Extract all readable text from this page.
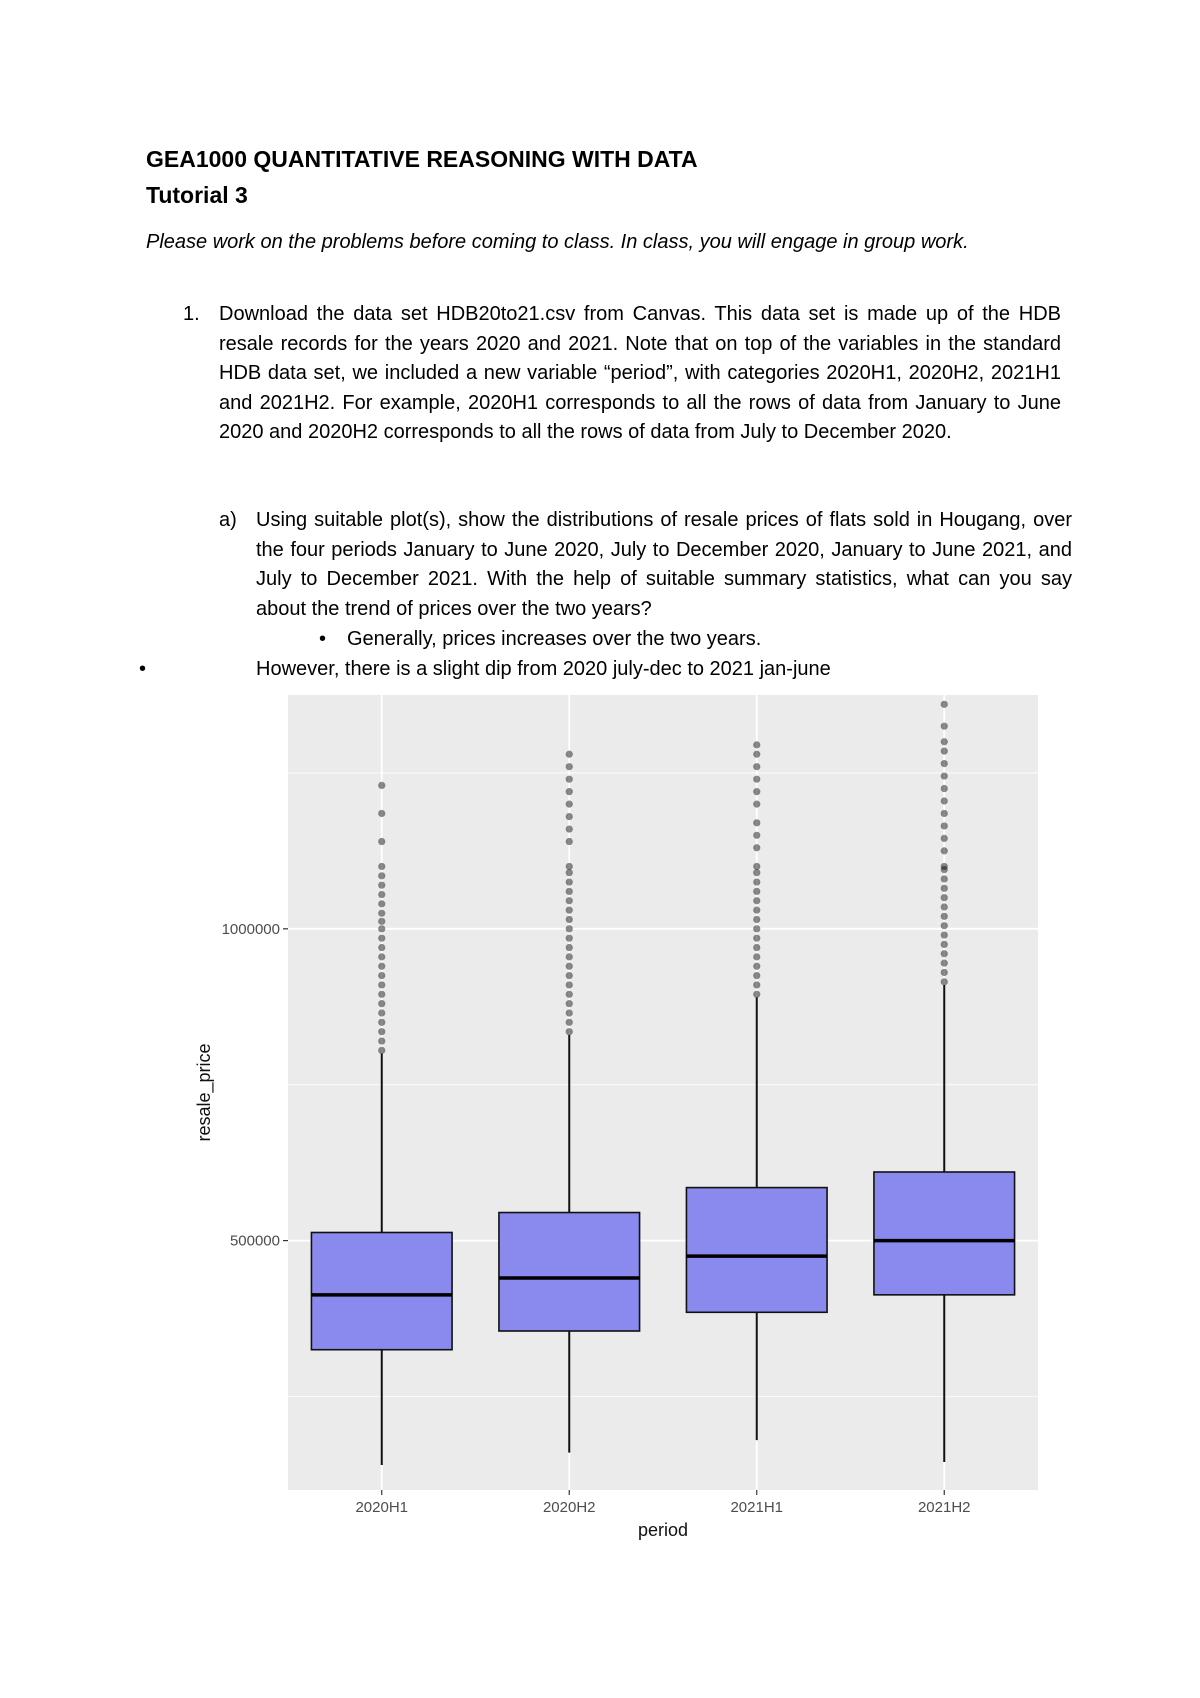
GEA1000 QUANTITATIVE REASONING WITH DATA
Tutorial 3

Please work on the problems before coming to class. In class, you will engage in group work.

1. Download the data set HDB20to21.csv from Canvas. This data set is made up of the HDB resale records for the years 2020 and 2021. Note that on top of the variables in the standard HDB data set, we included a new variable “period”, with categories 2020H1, 2020H2, 2021H1 and 2021H2. For example, 2020H1 corresponds to all the rows of data from January to June 2020 and 2020H2 corresponds to all the rows of data from July to December 2020.

a) Using suitable plot(s), show the distributions of resale prices of flats sold in Hougang, over the four periods January to June 2020, July to December 2020, January to June 2021, and July to December 2021. With the help of suitable summary statistics, what can you say about the trend of prices over the two years?

• Generally, prices increases over the two years.
•	However, there is a slight dip from 2020 july-dec to 2021 jan-june
500000
1000000
2020H1	2020H2	2021H1	2021H2
period
resale_price
